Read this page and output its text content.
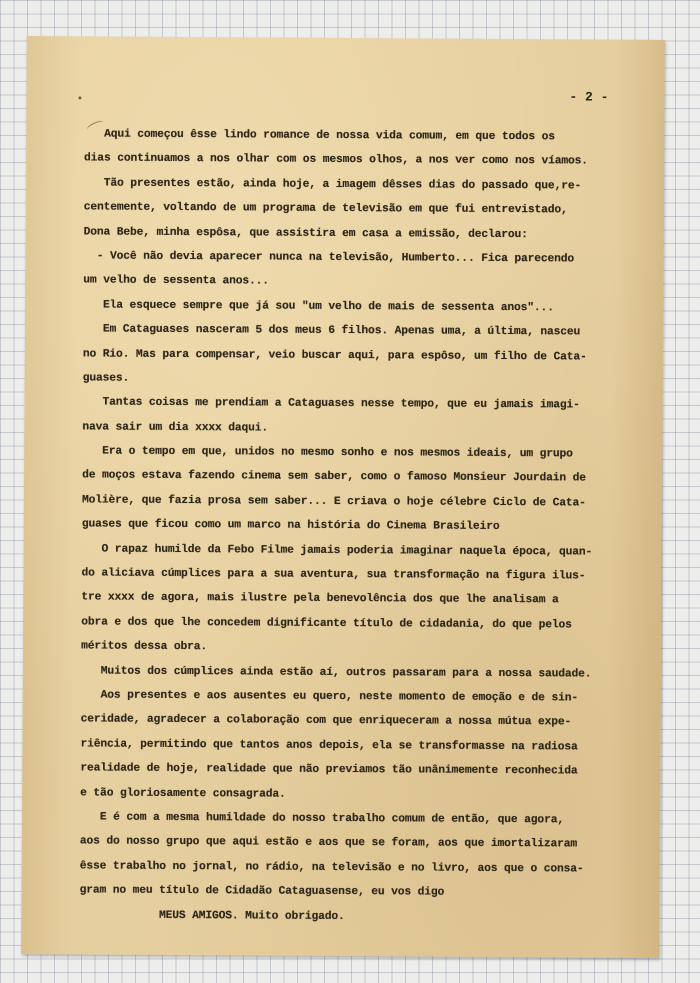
- 2 -
Aqui começou êsse lindo romance de nossa vida comum, em que todos os
dias continuamos a nos olhar com os mesmos olhos, a nos ver como nos víamos.
Tão presentes estão, ainda hoje, a imagem dêsses dias do passado que,re-
centemente, voltando de um programa de televisão em que fui entrevistado,
Dona Bebe, minha espôsa, que assistira em casa a emissão, declarou:
- Você não devia aparecer nunca na televisão, Humberto... Fica parecendo
um velho de sessenta anos...
Ela esquece sempre que já sou "um velho de mais de sessenta anos"...
Em Cataguases nasceram 5 dos meus 6 filhos. Apenas uma, a última, nasceu
no Rio. Mas para compensar, veio buscar aqui, para espôso, um filho de Cata-
guases.
Tantas coisas me prendiam a Cataguases nesse tempo, que eu jamais imagi-
nava sair um dia xxxx daqui.
Era o tempo em que, unidos no mesmo sonho e nos mesmos ideais, um grupo
de moços estava fazendo cinema sem saber, como o famoso Monsieur Jourdain de
Molière, que fazia prosa sem saber... E criava o hoje célebre Ciclo de Cata-
guases que ficou como um marco na história do Cinema Brasileiro
O rapaz humilde da Febo Filme jamais poderia imaginar naquela época, quan-
do aliciava cúmplices para a sua aventura, sua transformação na figura ilus-
tre xxxx de agora, mais ilustre pela benevolência dos que lhe analisam a
obra e dos que lhe concedem dignificante título de cidadania, do que pelos
méritos dessa obra.
Muitos dos cúmplices ainda estão aí, outros passaram para a nossa saudade.
Aos presentes e aos ausentes eu quero, neste momento de emoção e de sin-
ceridade, agradecer a colaboração com que enriqueceram a nossa mútua expe-
riência, permitindo que tantos anos depois, ela se transformasse na radiosa
realidade de hoje, realidade que não previamos tão unânimemente reconhecida
e tão gloriosamente consagrada.
E é com a mesma humildade do nosso trabalho comum de então, que agora,
aos do nosso grupo que aqui estão e aos que se foram, aos que imortalizaram
êsse trabalho no jornal, no rádio, na televisão e no livro, aos que o consa-
gram no meu título de Cidadão Cataguasense, eu vos digo
MEUS AMIGOS. Muito obrigado.
